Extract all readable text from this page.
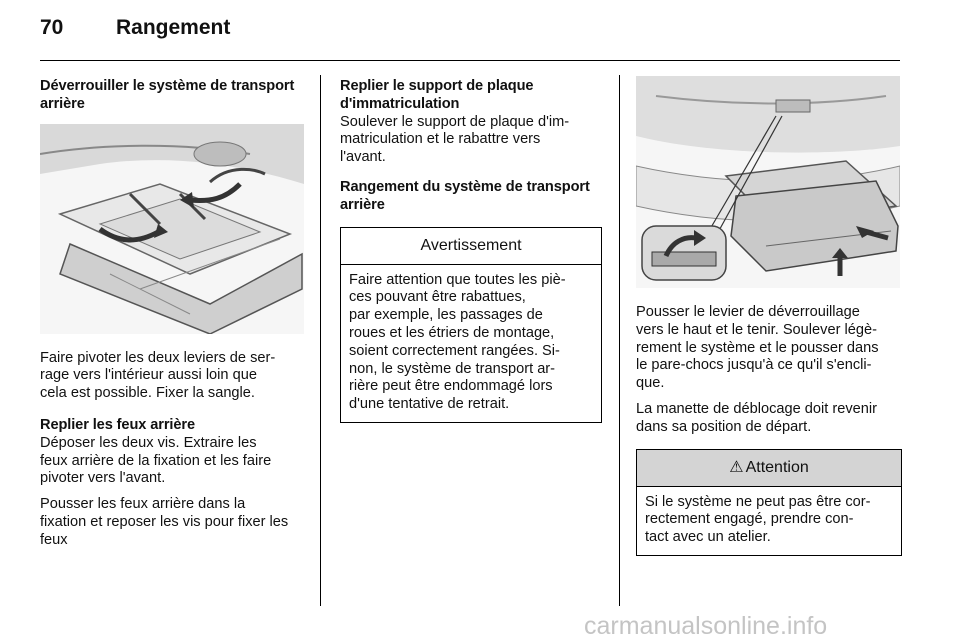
70	Rangement
Déverrouiller le système de transport
arrière

Faire pivoter les deux leviers de ser-
rage vers l'intérieur aussi loin que
cela est possible. Fixer la sangle.

Replier les feux arrière

Déposer les deux vis. Extraire les
feux arrière de la fixation et les faire
pivoter vers l'avant.

Pousser les feux arrière dans la
fixation et reposer les vis pour fixer les
feux

Replier le support de plaque
d'immatriculation

Soulever le support de plaque d'im-
matriculation et le rabattre vers
l'avant.

Rangement du système de transport
arrière
Avertissement
Faire attention que toutes les piè-
ces pouvant être rabattues,
par exemple, les passages de
roues et les étriers de montage,
soient correctement rangées. Si-
non, le système de transport ar-
rière peut être endommagé lors
d'une tentative de retrait.

Pousser le levier de déverrouillage
vers le haut et le tenir. Soulever légè-
rement le système et le pousser dans
le pare-chocs jusqu'à ce qu'il s'encli-
que.

La manette de déblocage doit revenir
dans sa position de départ.

⚠ Attention
Si le système ne peut pas être cor-
rectement engagé, prendre con-
tact avec un atelier.
carmanualsonline.info
